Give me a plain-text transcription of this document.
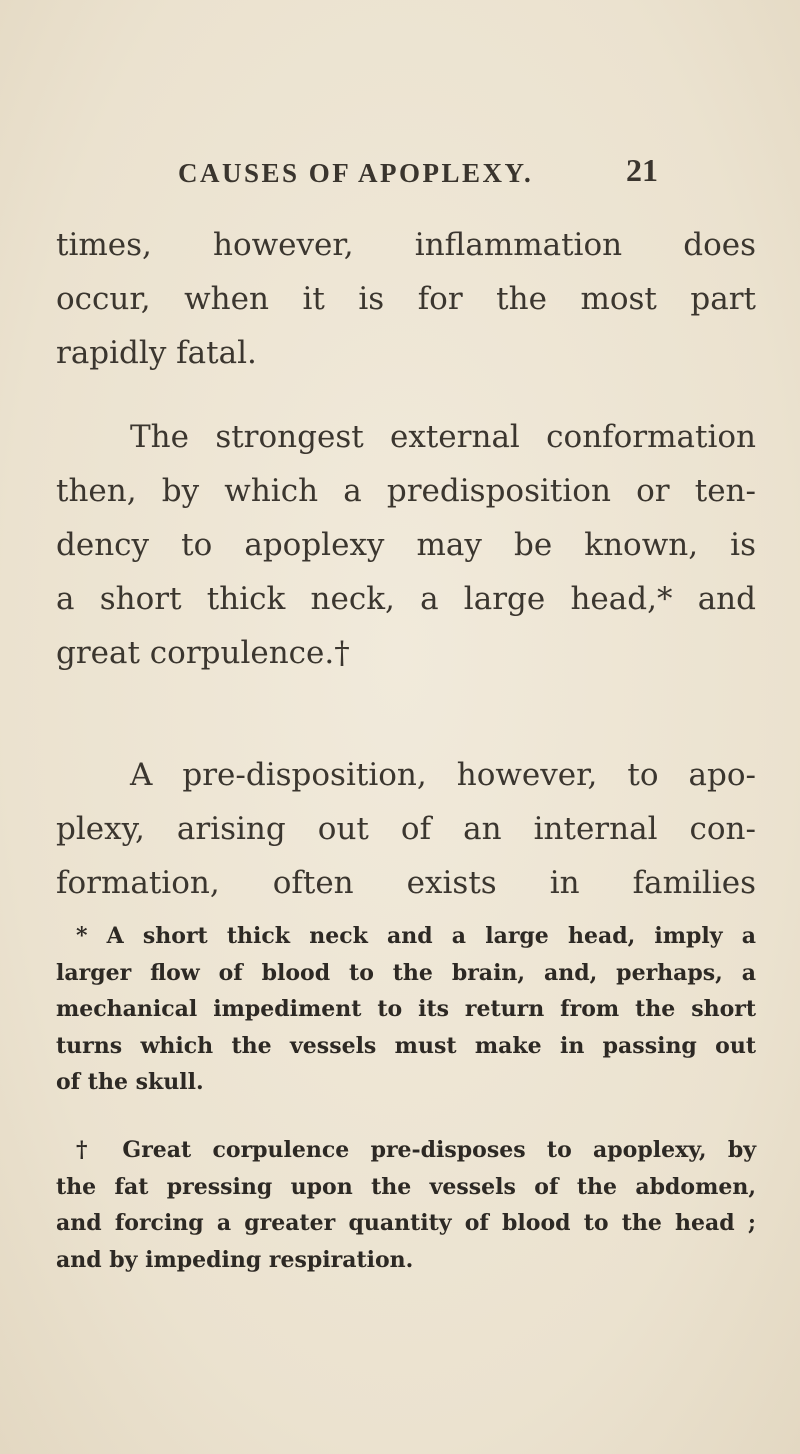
CAUSES OF APOPLEXY.	21
times, however, inflammation does
occur, when it is for the most part
rapidly fatal.
The strongest external conformation
then, by which a predisposition or ten-
dency to apoplexy may be known, is
a short thick neck, a large head,* and
great corpulence.†
A pre-disposition, however, to apo-
plexy, arising out of an internal con-
formation, often exists in families
* A short thick neck and a large head, imply a
larger flow of blood to the brain, and, perhaps, a
mechanical impediment to its return from the short
turns which the vessels must make in passing out
of the skull.
† Great corpulence pre-disposes to apoplexy, by
the fat pressing upon the vessels of the abdomen,
and forcing a greater quantity of blood to the head ;
and by impeding respiration.
